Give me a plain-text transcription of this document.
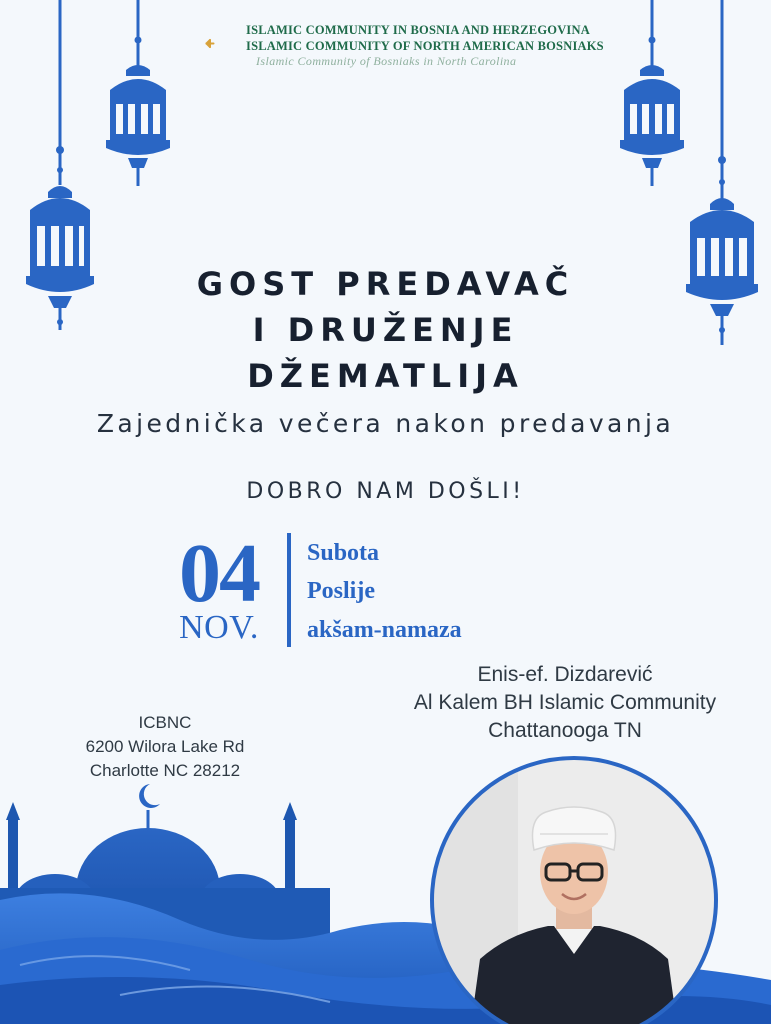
ISLAMIC COMMUNITY IN BOSNIA AND HERZEGOVINA
ISLAMIC COMMUNITY OF NORTH AMERICAN BOSNIAKS
Islamic Community of Bosniaks in North Carolina
GOST PREDAVAČ
I DRUŽENJE
DŽEMATLIJA
Zajednička večera nakon predavanja
DOBRO NAM DOŠLI!
04
NOV.
Subota
Poslije
akšam-namaza
Enis-ef. Dizdarević
Al Kalem BH Islamic Community
Chattanooga TN
ICBNC
6200 Wilora Lake Rd
Charlotte NC 28212
